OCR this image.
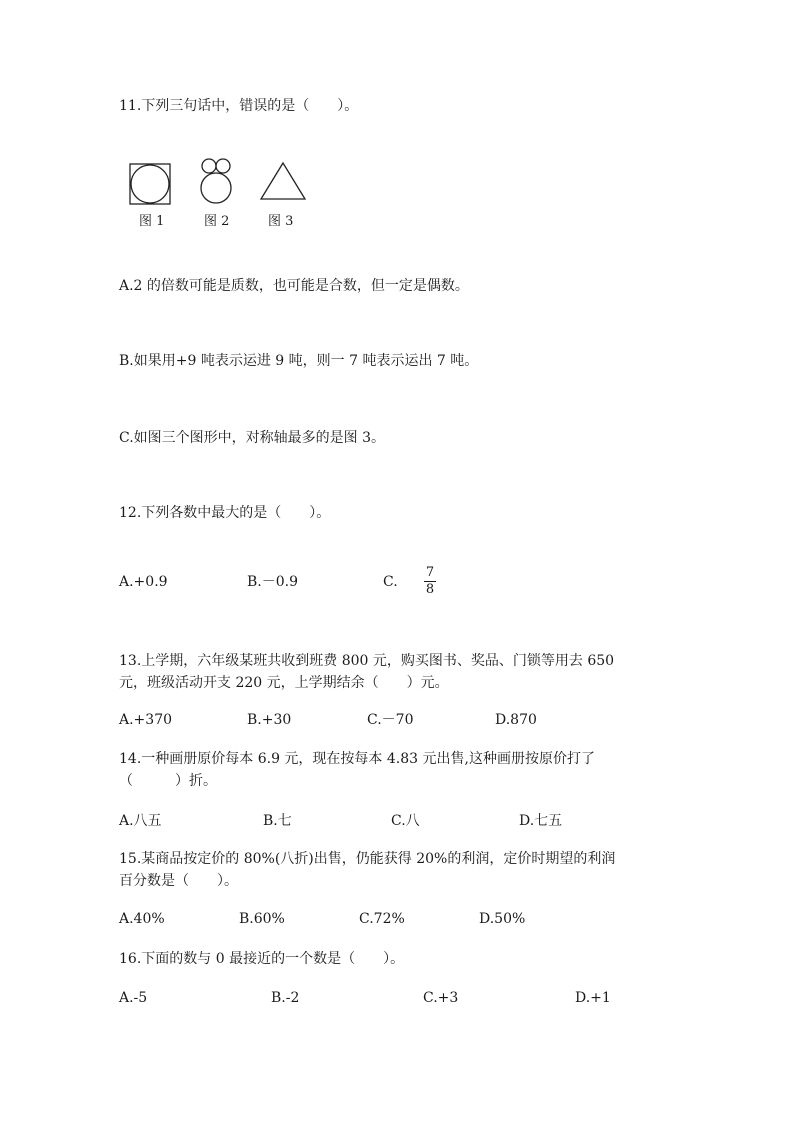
11.下列三句话中，错误的是（　　）。
图 1	图 2	图 3
A.2 的倍数可能是质数，也可能是合数，但一定是偶数。
B.如果用+9 吨表示运进 9 吨，则一 7 吨表示运出 7 吨。
C.如图三个图形中，对称轴最多的是图 3。
12.下列各数中最大的是（　　）。
A.+0.9	B.－0.9	C.
7
8
13.上学期，六年级某班共收到班费 800 元，购买图书、奖品、门锁等用去 650
元，班级活动开支 220 元，上学期结余（　　）元。
A.+370	B.+30	C.－70	D.870
14.一种画册原价每本 6.9 元，现在按每本 4.83 元出售,这种画册按原价打了
（　　　）折。
A.八五	B.七	C.八	D.七五
15.某商品按定价的 80%(八折)出售，仍能获得 20%的利润，定价时期望的利润
百分数是（　　）。
A.40%	B.60%	C.72%	D.50%
16.下面的数与 0 最接近的一个数是（　　）。
A.-5	B.-2	C.+3	D.+1
